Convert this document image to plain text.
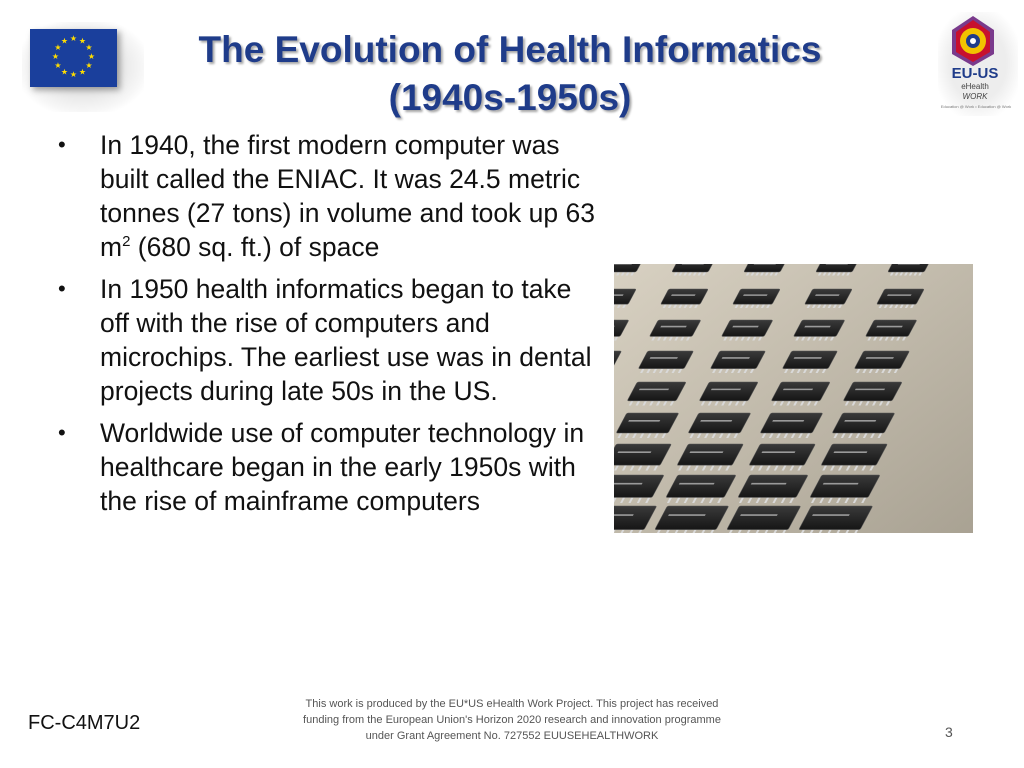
★ ★
★
★
★
★
★
★
★
★
★
★	The Evolution of Health Informatics
(1940s-1950s)
EU-US
eHealth
WORK
Education @ Work • Education @ Work
• In 1940, the first modern computer was built called the ENIAC. It was 24.5 metric tonnes (27 tons) in volume and took up 63 $m^2$ (680 sq. ft.) of space
• In 1950 health informatics began to take off with the rise of computers and microchips. The earliest use was in dental projects during late 50s in the US.
• Worldwide use of computer technology in healthcare began in the early 1950s with the rise of mainframe computers
FC-C4M7U2
This work is produced by the EU*US eHealth Work Project. This project has received funding from the European Union's Horizon 2020 research and innovation programme under Grant Agreement No. 727552 EUUSEHEALTHWORK	3
